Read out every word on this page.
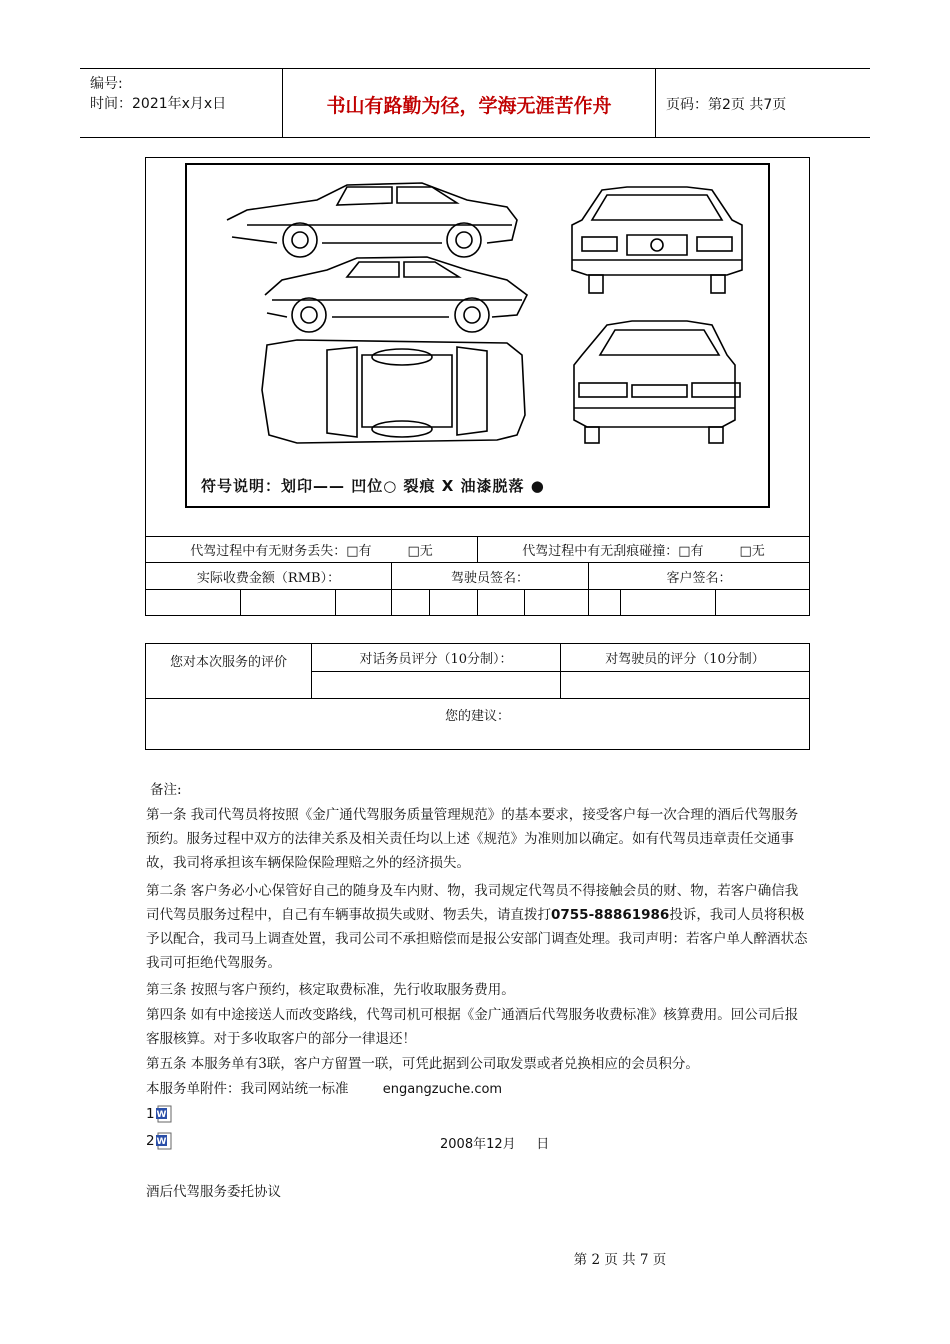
编号:
时间：2021年x月x日	书山有路勤为径，学海无涯苦作舟	页码：第2页 共7页
符号说明：划印—— 凹位○ 裂痕 X 油漆脱落 ●
代驾过程中有无财务丢失：□有	□无	代驾过程中有无刮痕碰撞：□有	□无
实际收费金额（RMB）：	驾驶员签名：	客户签名：
您对本次服务的评价	对话务员评分（10分制）：	对驾驶员的评分（10分制）
您的建议：
备注:
第一条 我司代驾员将按照《金广通代驾服务质量管理规范》的基本要求，接受客户每一次合理的酒后代驾服务预约。服务过程中双方的法律关系及相关责任均以上述《规范》为准则加以确定。如有代驾员违章责任交通事故，我司将承担该车辆保险保险理赔之外的经济损失。
第二条 客户务必小心保管好自己的随身及车内财、物，我司规定代驾员不得接触会员的财、物，若客户确信我司代驾员服务过程中，自己有车辆事故损失或财、物丢失，请直拨打0755-88861986投诉，我司人员将积极予以配合，我司马上调查处置，我司公司不承担赔偿而是报公安部门调查处理。我司声明：若客户单人醉酒状态我司可拒绝代驾服务。
第三条 按照与客户预约，核定取费标准，先行收取服务费用。
第四条 如有中途接送人而改变路线，代驾司机可根据《金广通酒后代驾服务收费标准》核算费用。回公司后报客服核算。对于多收取客户的部分一律退还！
第五条 本服务单有3联，客户方留置一联，可凭此据到公司取发票或者兑换相应的会员积分。
本服务单附件：我司网站统一标准	engangzuche.com
1 W
2 W	2008年12月     日
酒后代驾服务委托协议
第 2 页 共 7 页
